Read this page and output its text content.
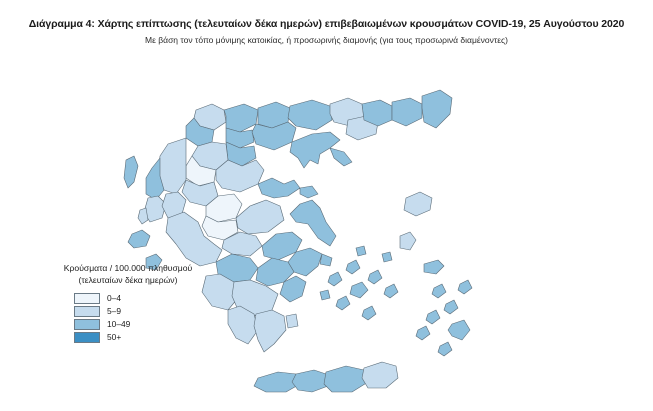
Διάγραμμα 4: Χάρτης επίπτωσης (τελευταίων δέκα ημερών) επιβεβαιωμένων κρουσμάτων COVID-19, 25 Αυγούστου 2020
Με βάση τον τόπο μόνιμης κατοικίας, ή προσωρινής διαμονής (για τους προσωρινά διαμένοντες)
Κρούσματα / 100.000 πληθυσμού
(τελευταίων δέκα ημερών)
0–4
5–9
10–49
50+
